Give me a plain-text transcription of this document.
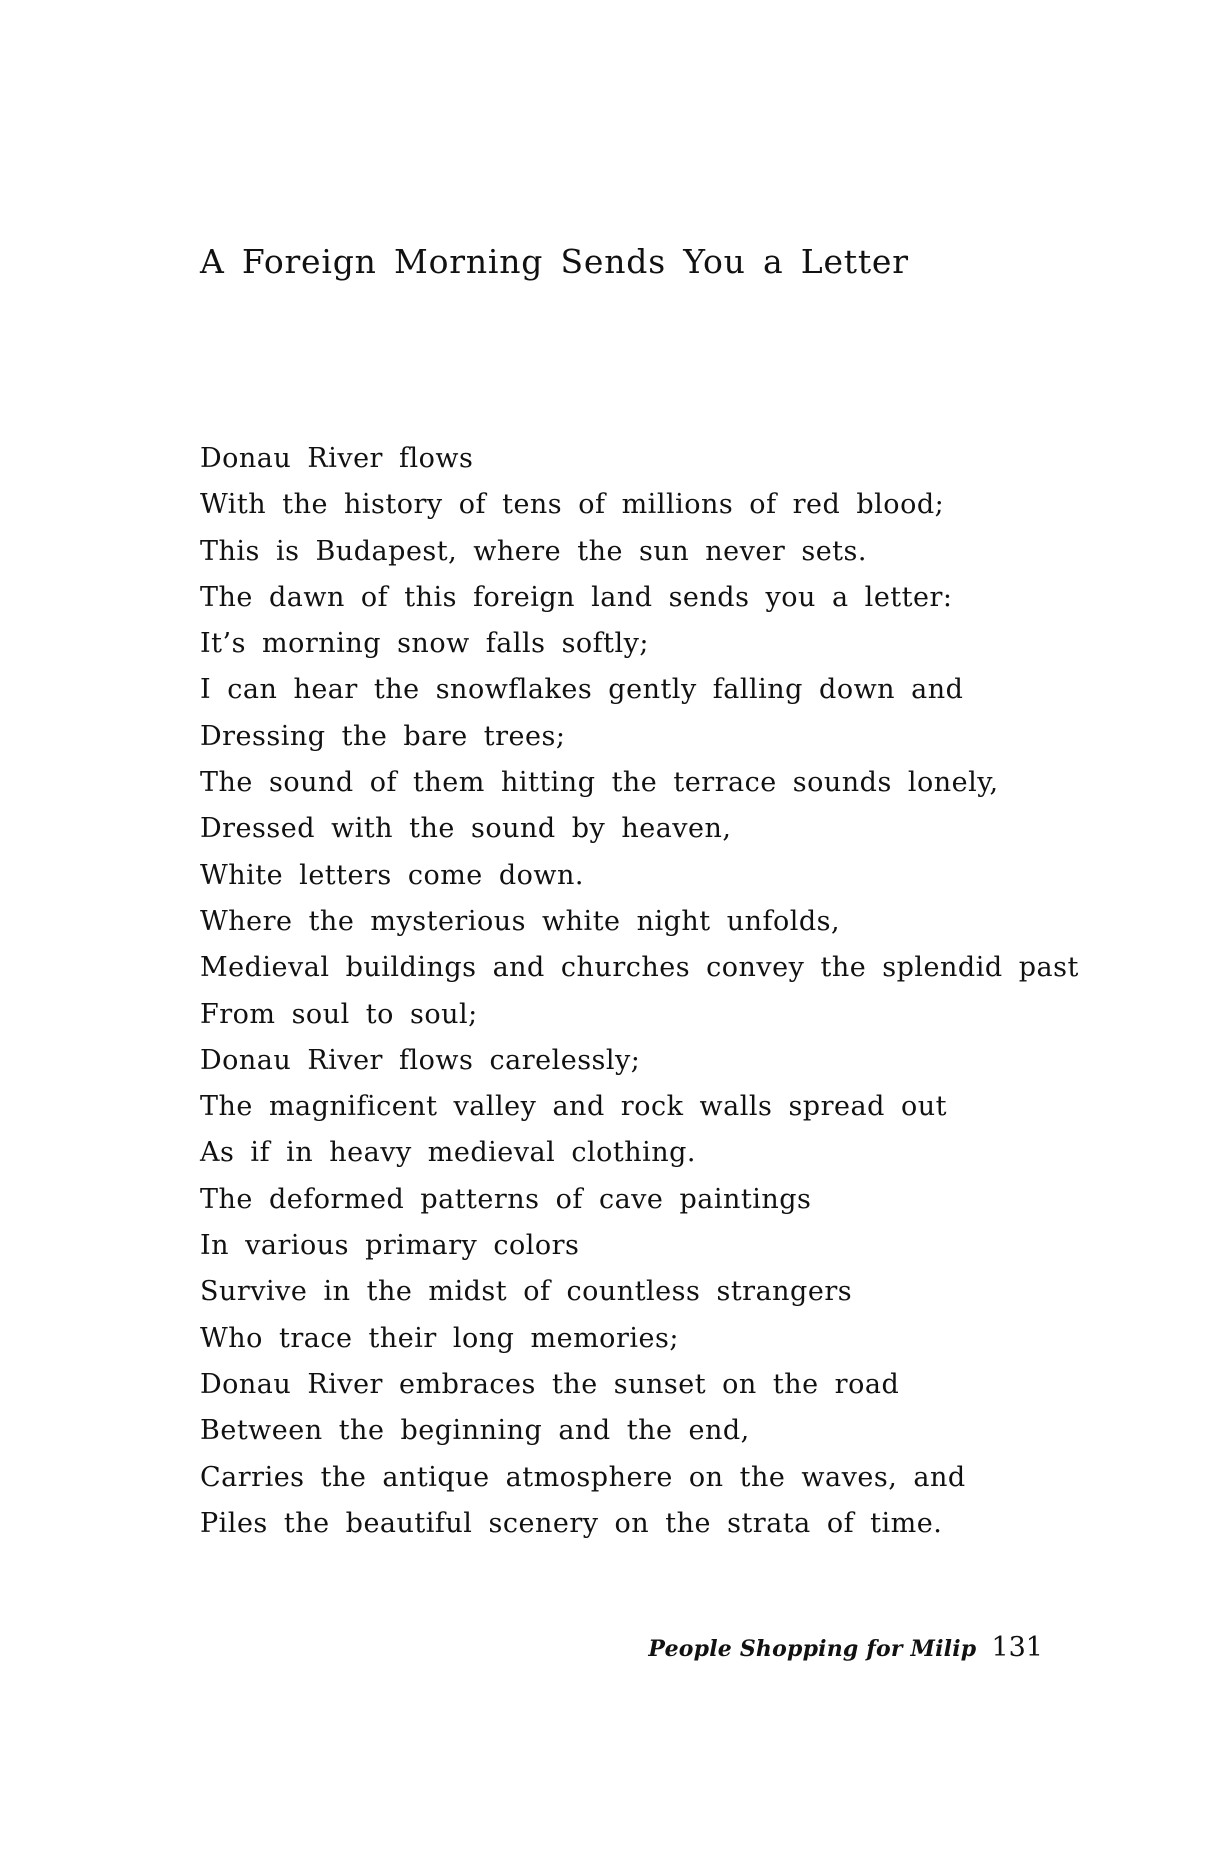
A Foreign Morning Sends You a Letter
Donau River flows
With the history of tens of millions of red blood;
This is Budapest, where the sun never sets.
The dawn of this foreign land sends you a letter:
It’s morning snow falls softly;
I can hear the snowflakes gently falling down and
Dressing the bare trees;
The sound of them hitting the terrace sounds lonely,
Dressed with the sound by heaven,
White letters come down.
Where the mysterious white night unfolds,
Medieval buildings and churches convey the splendid past
From soul to soul;
Donau River flows carelessly;
The magnificent valley and rock walls spread out
As if in heavy medieval clothing.
The deformed patterns of cave paintings
In various primary colors
Survive in the midst of countless strangers
Who trace their long memories;
Donau River embraces the sunset on the road
Between the beginning and the end,
Carries the antique atmosphere on the waves, and
Piles the beautiful scenery on the strata of time.
People Shopping for Milip 131
